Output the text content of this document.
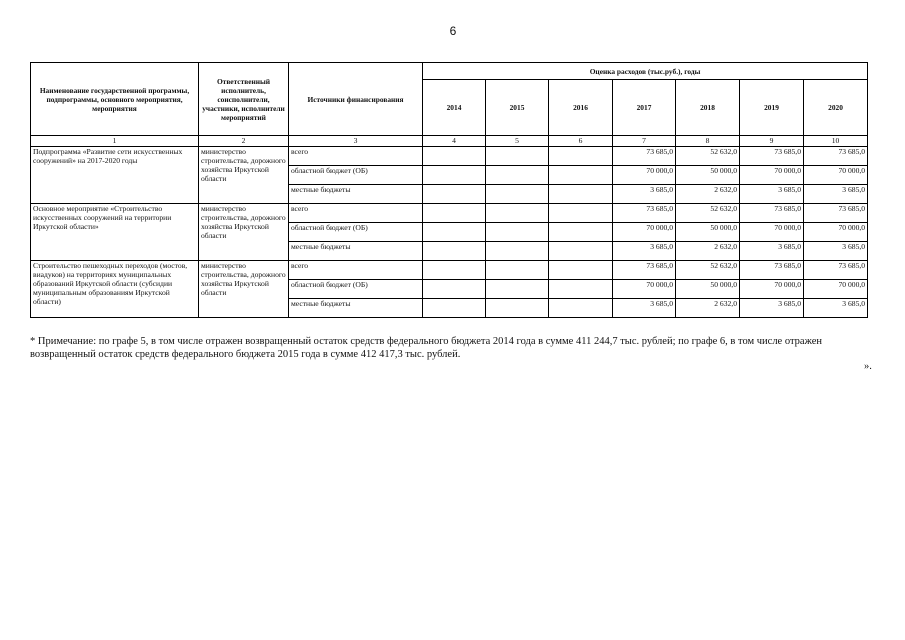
6
Наименование государственной программы, подпрограммы, основного мероприятия, мероприятия	Ответственный исполнитель, соисполнители, участники, исполнители мероприятий	Источники финансирования	Оценка расходов (тыс.руб.), годы						
			2014	2015	2016	2017	2018	2019	2020
1	2	3	4	5	6	7	8	9	10
Подпрограмма «Развитие сети искусственных сооружений» на 2017-2020 годы	министерство строительства, дорожного хозяйства Иркутской области	всего				73 685,0	52 632,0	73 685,0	73 685,0
		областной бюджет (ОБ)				70 000,0	50 000,0	70 000,0	70 000,0
		местные бюджеты				3 685,0	2 632,0	3 685,0	3 685,0
Основное мероприятие «Строительство искусственных сооружений на территории Иркутской области»	министерство строительства, дорожного хозяйства Иркутской области	всего				73 685,0	52 632,0	73 685,0	73 685,0
		областной бюджет (ОБ)				70 000,0	50 000,0	70 000,0	70 000,0
		местные бюджеты				3 685,0	2 632,0	3 685,0	3 685,0
Строительство пешеходных переходов (мостов, виадуков) на территориях муниципальных образований Иркутской области (субсидии муниципальным образованиям Иркутской области)	министерство строительства, дорожного хозяйства Иркутской области	всего				73 685,0	52 632,0	73 685,0	73 685,0
		областной бюджет (ОБ)				70 000,0	50 000,0	70 000,0	70 000,0
		местные бюджеты				3 685,0	2 632,0	3 685,0	3 685,0
* Примечание: по графе 5, в том числе отражен возвращенный остаток средств федерального бюджета 2014 года в сумме 411 244,7 тыс. рублей; по графе 6, в том числе отражен возвращенный остаток средств федерального бюджета 2015 года в сумме 412 417,3 тыс. рублей.
».
